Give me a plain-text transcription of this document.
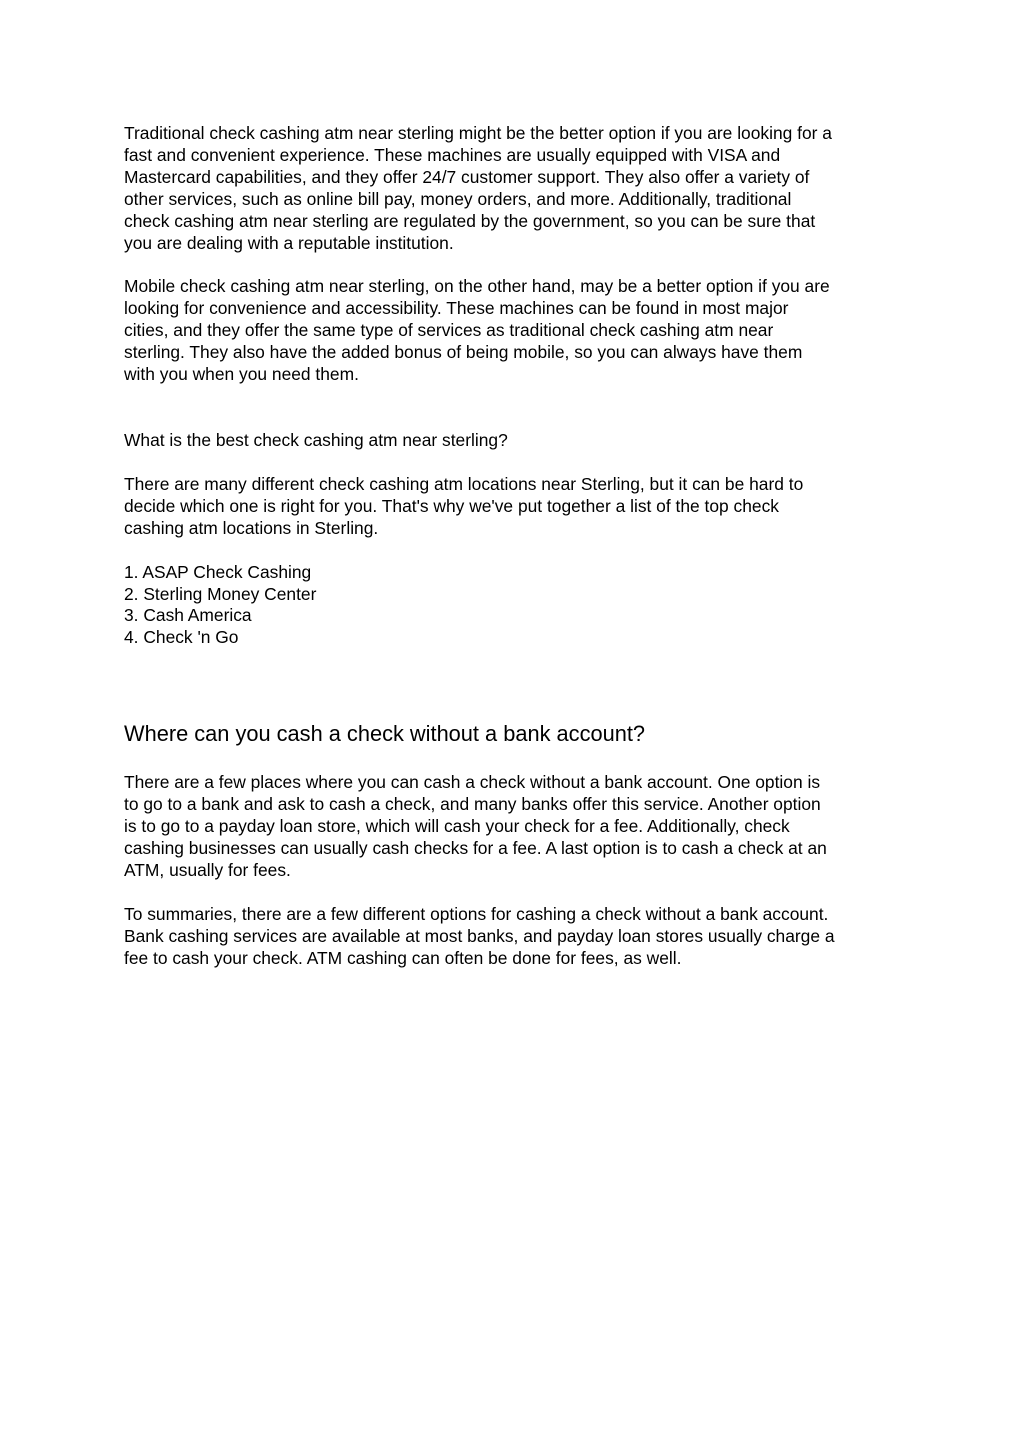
Traditional check cashing atm near sterling might be the better option if you are looking for a
fast and convenient experience. These machines are usually equipped with VISA and
Mastercard capabilities, and they offer 24/7 customer support. They also offer a variety of
other services, such as online bill pay, money orders, and more. Additionally, traditional
check cashing atm near sterling are regulated by the government, so you can be sure that
you are dealing with a reputable institution.

Mobile check cashing atm near sterling, on the other hand, may be a better option if you are
looking for convenience and accessibility. These machines can be found in most major
cities, and they offer the same type of services as traditional check cashing atm near
sterling. They also have the added bonus of being mobile, so you can always have them
with you when you need them.

What is the best check cashing atm near sterling?

There are many different check cashing atm locations near Sterling, but it can be hard to
decide which one is right for you. That's why we've put together a list of the top check
cashing atm locations in Sterling.

1. ASAP Check Cashing
2. Sterling Money Center
3. Cash America
4. Check 'n Go
Where can you cash a check without a bank account?

There are a few places where you can cash a check without a bank account. One option is
to go to a bank and ask to cash a check, and many banks offer this service. Another option
is to go to a payday loan store, which will cash your check for a fee. Additionally, check
cashing businesses can usually cash checks for a fee. A last option is to cash a check at an
ATM, usually for fees.

To summaries, there are a few different options for cashing a check without a bank account.
Bank cashing services are available at most banks, and payday loan stores usually charge a
fee to cash your check. ATM cashing can often be done for fees, as well.
